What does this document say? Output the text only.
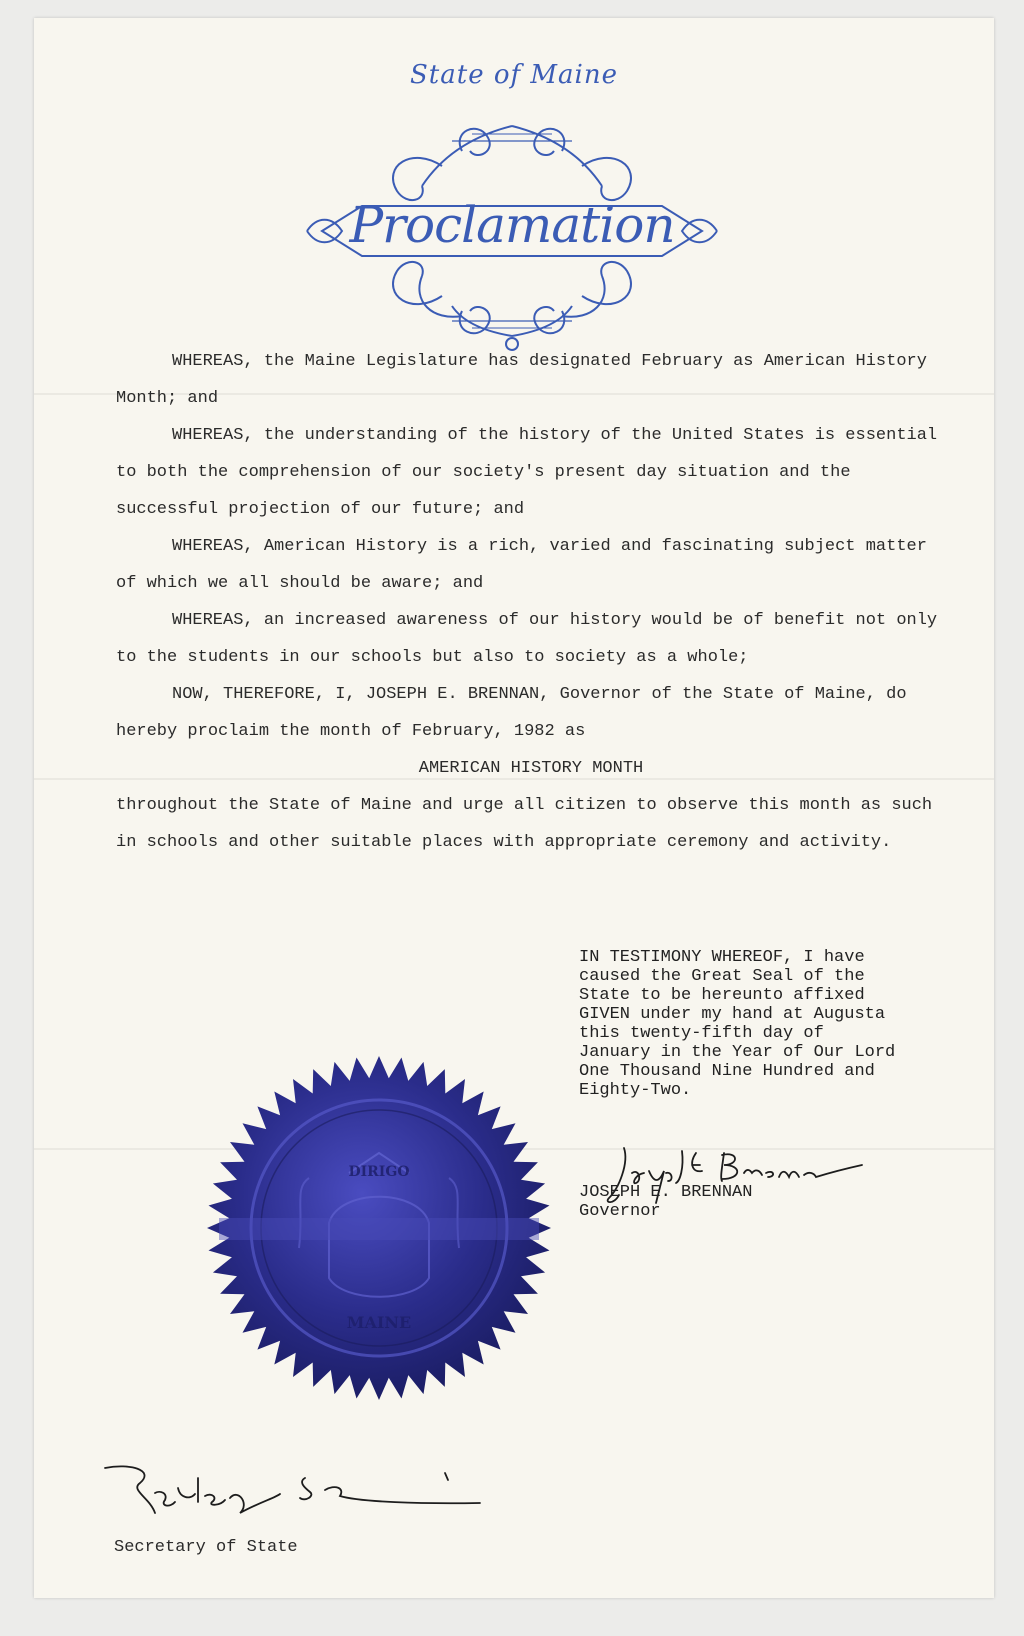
State of Maine
Proclamation

WHEREAS, the Maine Legislature has designated February as American History Month; and

WHEREAS, the understanding of the history of the United States is essential to both the comprehension of our society's present day situation and the successful projection of our future; and

WHEREAS, American History is a rich, varied and fascinating subject matter of which we all should be aware; and

WHEREAS, an increased awareness of our history would be of benefit not only to the students in our schools but also to society as a whole;

NOW, THEREFORE, I, JOSEPH E. BRENNAN, Governor of the State of Maine, do hereby proclaim the month of February, 1982 as

AMERICAN HISTORY MONTH

throughout the State of Maine and urge all citizen to observe this month as such in schools and other suitable places with appropriate ceremony and activity.

IN TESTIMONY WHEREOF, I have

caused the Great Seal of the

State to be hereunto affixed

GIVEN under my hand at Augusta

this twenty-fifth day of

January in the Year of Our Lord

One Thousand Nine Hundred and

Eighty-Two.

JOSEPH E. BRENNAN
Governor
DIRIGO
MAINE
Secretary of State
